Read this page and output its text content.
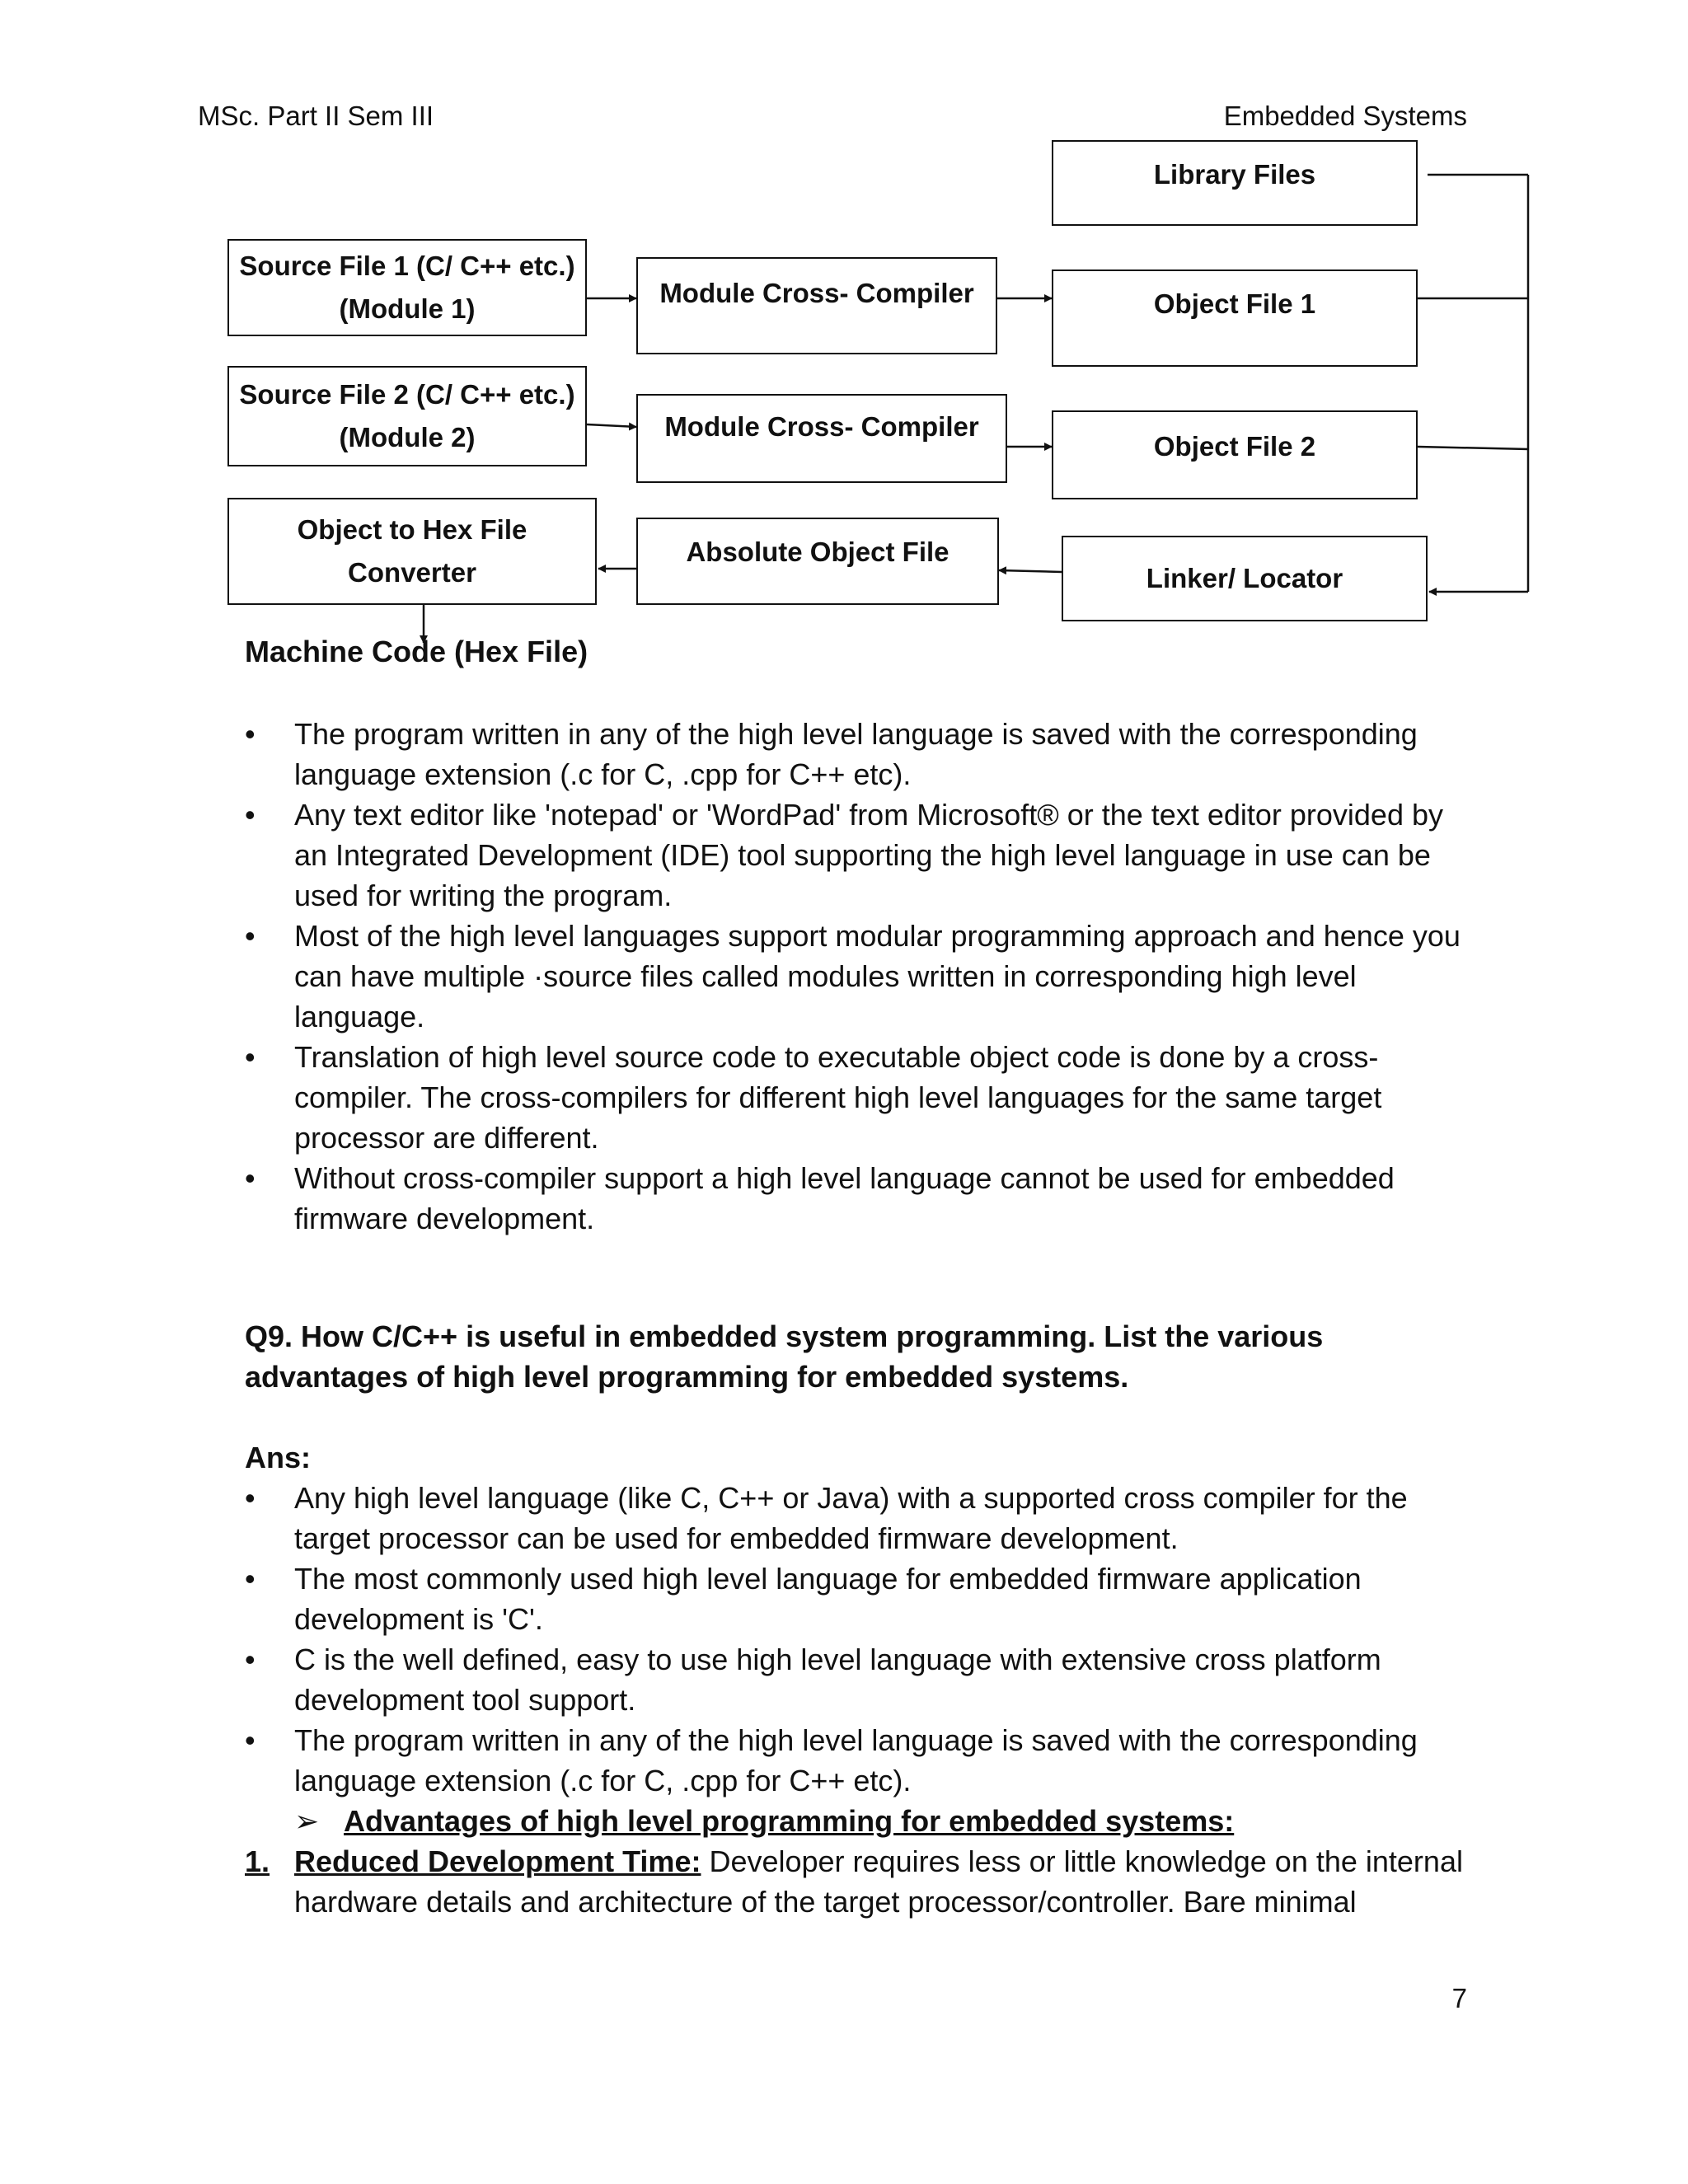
MSc. Part II Sem III	Embedded Systems
Library Files
Source File 1 (C/ C++ etc.)
(Module 1)
Module Cross- Compiler	Object File 1
Source File 2 (C/ C++ etc.)
(Module 2)	Module Cross- Compiler
Object File 2
Object to Hex File
Converter
Absolute Object File
Linker/ Locator
Machine Code (Hex File)
• The program written in any of the high level language is saved with the corresponding language extension (.c for C, .cpp for C++ etc).
• Any text editor like 'notepad' or 'WordPad' from Microsoft® or the text editor provided by an Integrated Development (IDE) tool supporting the high level language in use can be used for writing the program.
• Most of the high level languages support modular programming approach and hence you can have multiple ·source files called modules written in corresponding high level language.
• Translation of high level source code to executable object code is done by a cross-compiler. The cross-compilers for different high level languages for the same target processor are different.
• Without cross-compiler support a high level language cannot be used for embedded firmware development.
Q9. How C/C++ is useful in embedded system programming. List the various advantages of high level programming for embedded systems.
Ans:
• Any high level language (like C, C++ or Java) with a supported cross compiler for the target processor can be used for embedded firmware development.
• The most commonly used high level language for embedded firmware application development is 'C'.
• C is the well defined, easy to use high level language with extensive cross platform development tool support.
• The program written in any of the high level language is saved with the corresponding language extension (.c for C, .cpp for C++ etc).
➢ Advantages of high level programming for embedded systems:
1. Reduced Development Time: Developer requires less or little knowledge on the internal hardware details and architecture of the target processor/controller. Bare minimal
7
